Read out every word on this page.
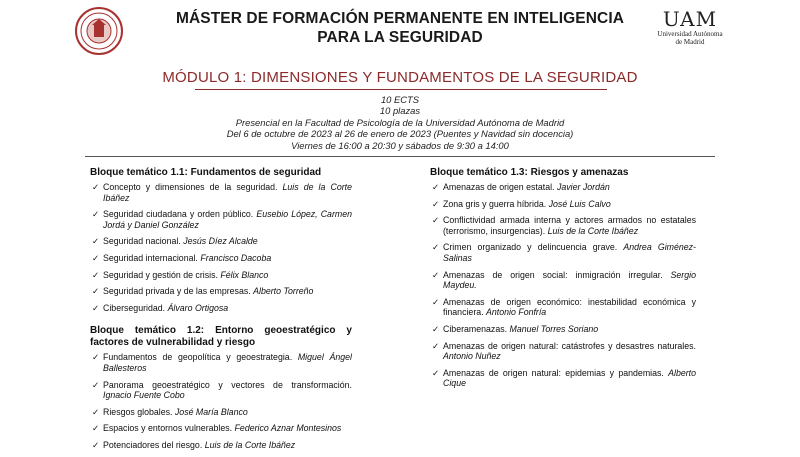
MÁSTER DE FORMACIÓN PERMANENTE EN INTELIGENCIA
PARA LA SEGURIDAD
UAM
Universidad Autónoma
de Madrid
MÓDULO 1: DIMENSIONES Y FUNDAMENTOS DE LA SEGURIDAD
10 ECTS
10 plazas
Presencial en la Facultad de Psicología de la Universidad Autónoma de Madrid
Del 6 de octubre de 2023 al 26 de enero de 2023 (Puentes y Navidad sin docencia)
Viernes de 16:00 a 20:30 y sábados de 9:30 a 14:00
Bloque temático 1.1: Fundamentos de seguridad
✓ Concepto y dimensiones de la seguridad. Luis de la Corte Ibáñez
✓ Seguridad ciudadana y orden público. Eusebio López, Carmen Jordá y Daniel González
✓ Seguridad nacional. Jesús Díez Alcalde
✓ Seguridad internacional. Francisco Dacoba
✓ Seguridad y gestión de crisis. Félix Blanco
✓ Seguridad privada y de las empresas. Alberto Torreño
✓ Ciberseguridad. Álvaro Ortigosa
Bloque temático 1.2: Entorno geoestratégico y factores de vulnerabilidad y riesgo
✓ Fundamentos de geopolítica y geoestrategia. Miguel Ángel Ballesteros
✓ Panorama geoestratégico y vectores de transformación. Ignacio Fuente Cobo
✓ Riesgos globales. José María Blanco
✓ Espacios y entornos vulnerables. Federico Aznar Montesinos
✓ Potenciadores del riesgo. Luis de la Corte Ibáñez
Bloque temático 1.3: Riesgos y amenazas
✓ Amenazas de origen estatal. Javier Jordán
✓ Zona gris y guerra híbrida. José Luis Calvo
✓ Conflictividad armada interna y actores armados no estatales (terrorismo, insurgencias). Luis de la Corte Ibáñez
✓ Crimen organizado y delincuencia grave. Andrea Giménez-Salinas
✓ Amenazas de origen social: inmigración irregular. Sergio Maydeu.
✓ Amenazas de origen económico: inestabilidad económica y financiera. Antonio Fonfría
✓ Ciberamenazas. Manuel Torres Soriano
✓ Amenazas de origen natural: catástrofes y desastres naturales. Antonio Nuñez
✓ Amenazas de origen natural: epidemias y pandemias. Alberto Cique
